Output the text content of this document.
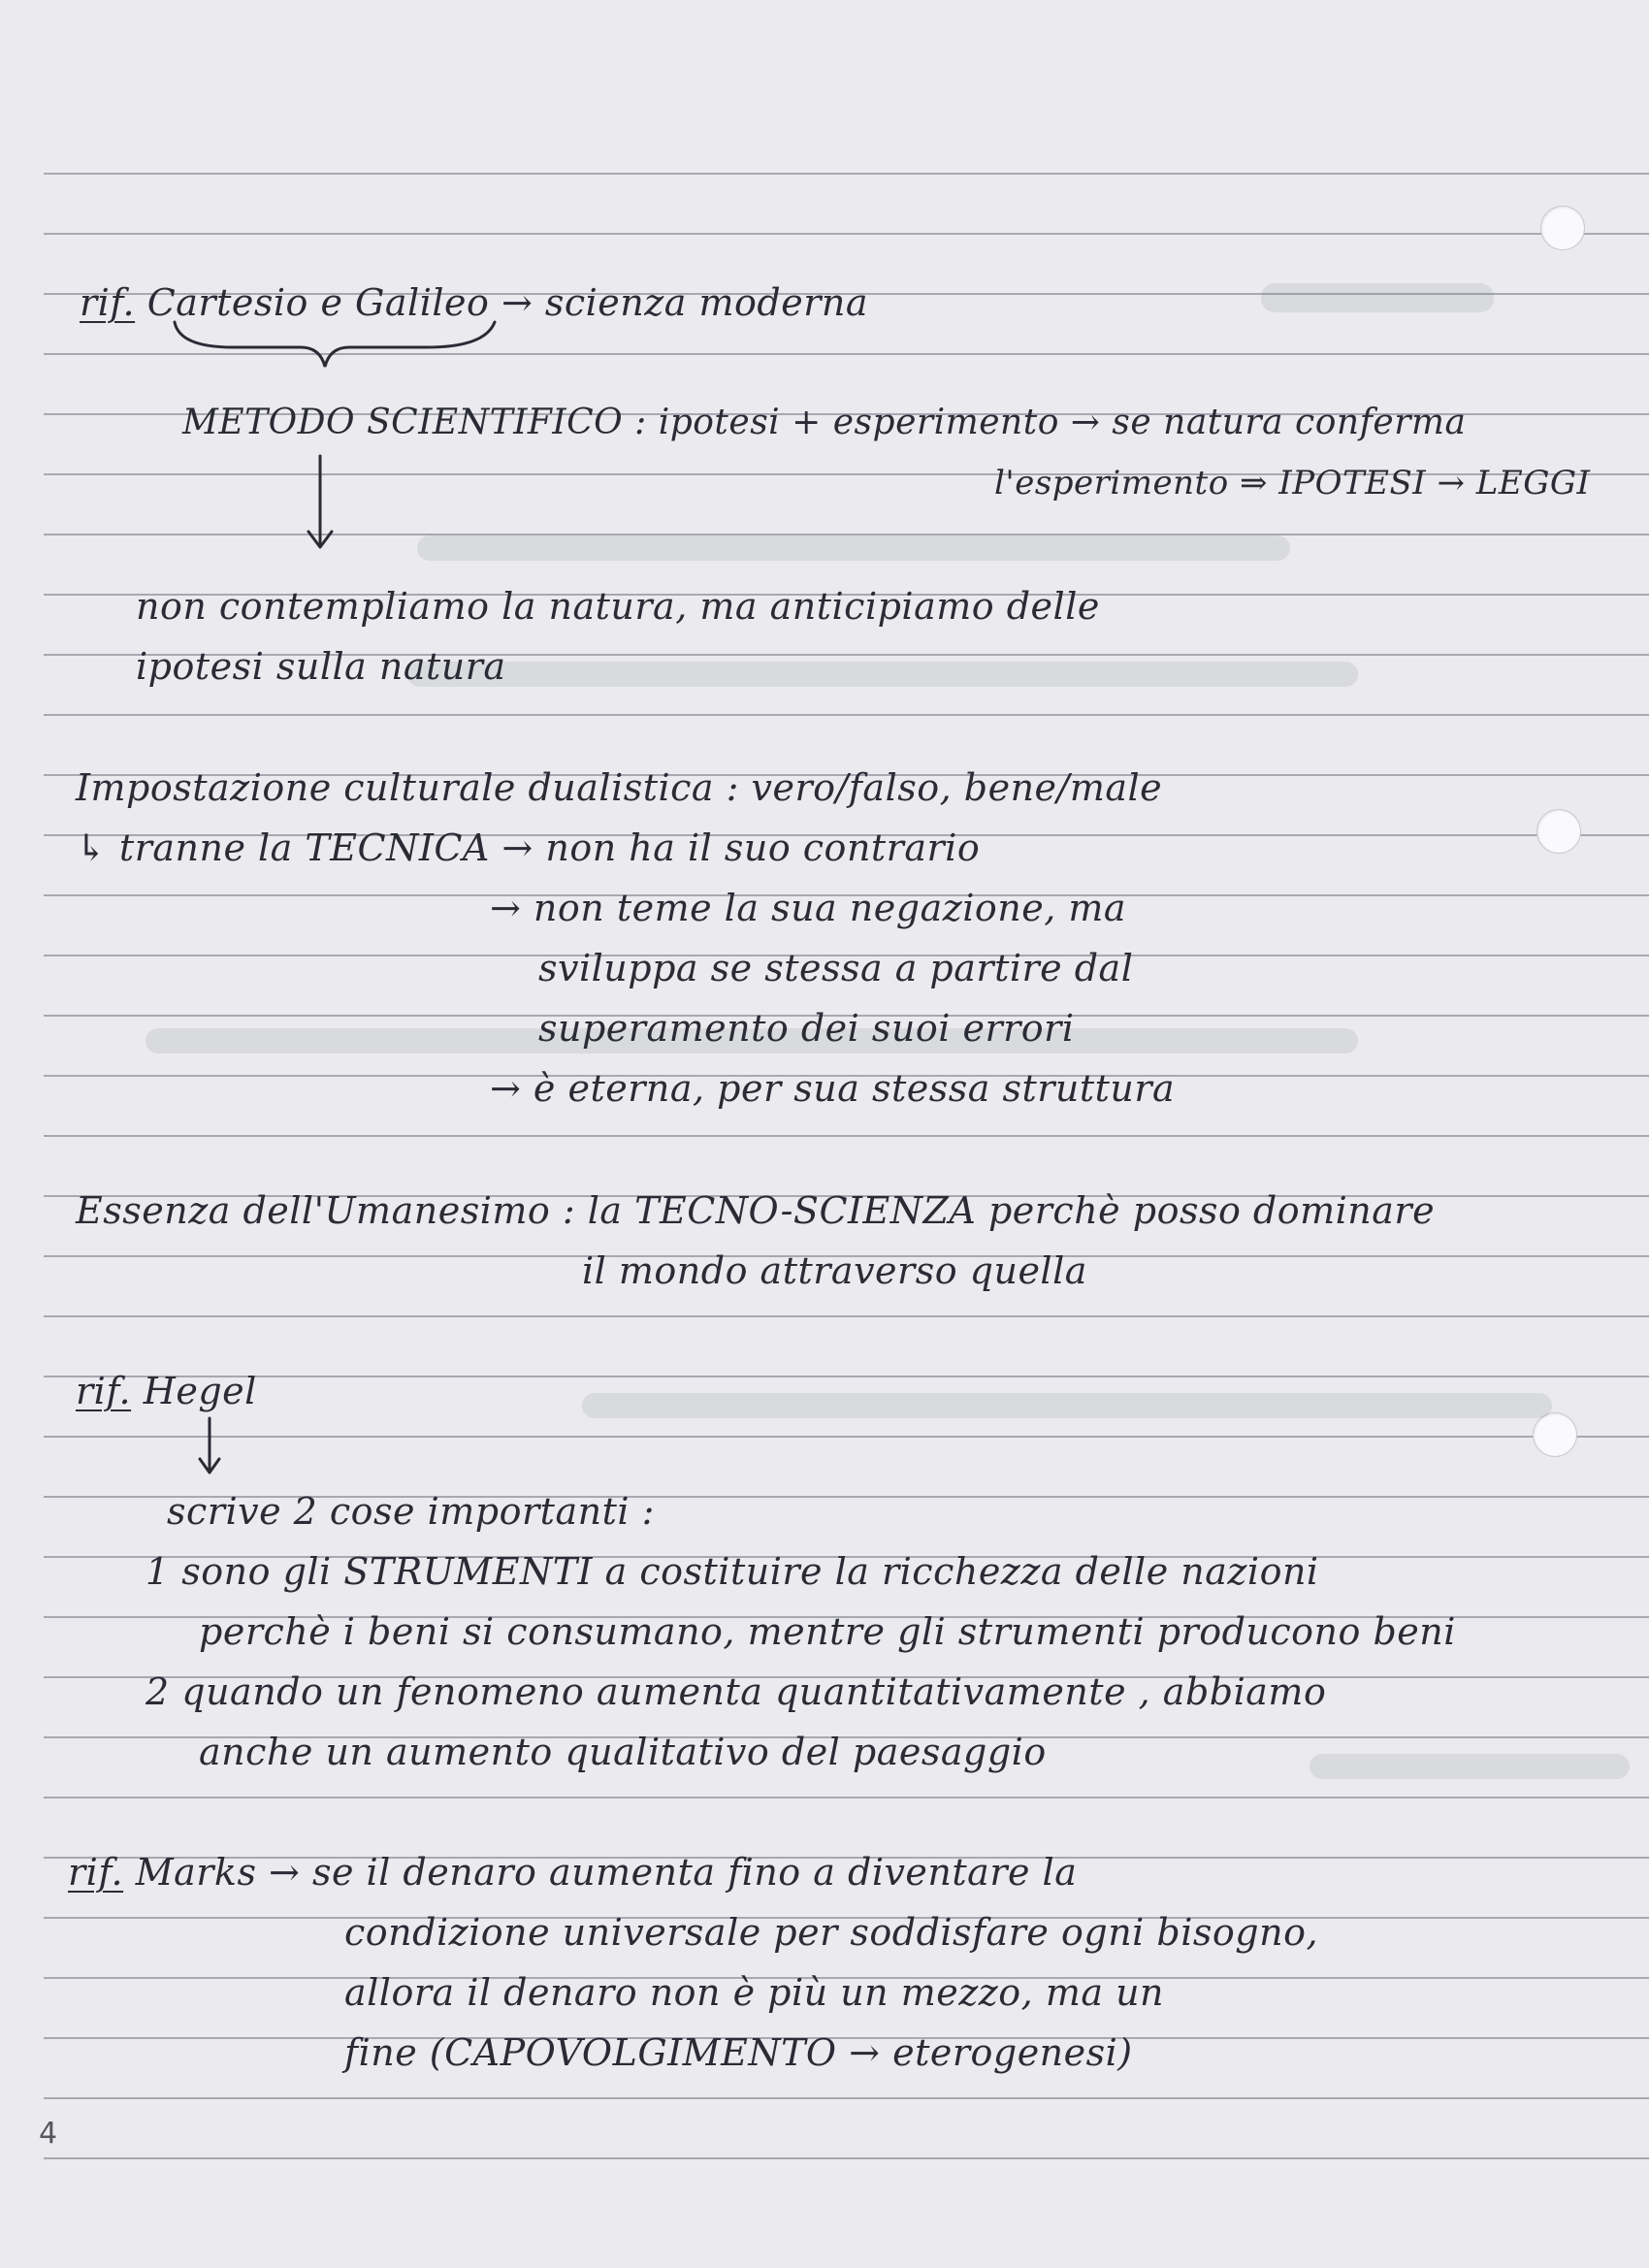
rif. Cartesio e Galileo → scienza moderna
METODO SCIENTIFICO : ipotesi + esperimento → se natura conferma
l'esperimento ⇒ IPOTESI → LEGGI
non contempliamo la natura, ma anticipiamo delle
ipotesi sulla natura
Impostazione culturale dualistica : vero/falso, bene/male
↳ tranne la TECNICA → non ha il suo contrario
→ non teme la sua negazione, ma
sviluppa se stessa a partire dal
superamento dei suoi errori
→ è eterna, per sua stessa struttura
Essenza dell'Umanesimo : la TECNO-SCIENZA perchè posso dominare
il mondo attraverso quella
rif. Hegel
scrive 2 cose importanti :
1 sono gli STRUMENTI a costituire la ricchezza delle nazioni
perchè i beni si consumano, mentre gli strumenti producono beni
2 quando un fenomeno aumenta quantitativamente , abbiamo
anche un aumento qualitativo del paesaggio
rif. Marks → se il denaro aumenta fino a diventare la
condizione universale per soddisfare ogni bisogno,
allora il denaro non è più un mezzo, ma un
fine (CAPOVOLGIMENTO → eterogenesi)
4
